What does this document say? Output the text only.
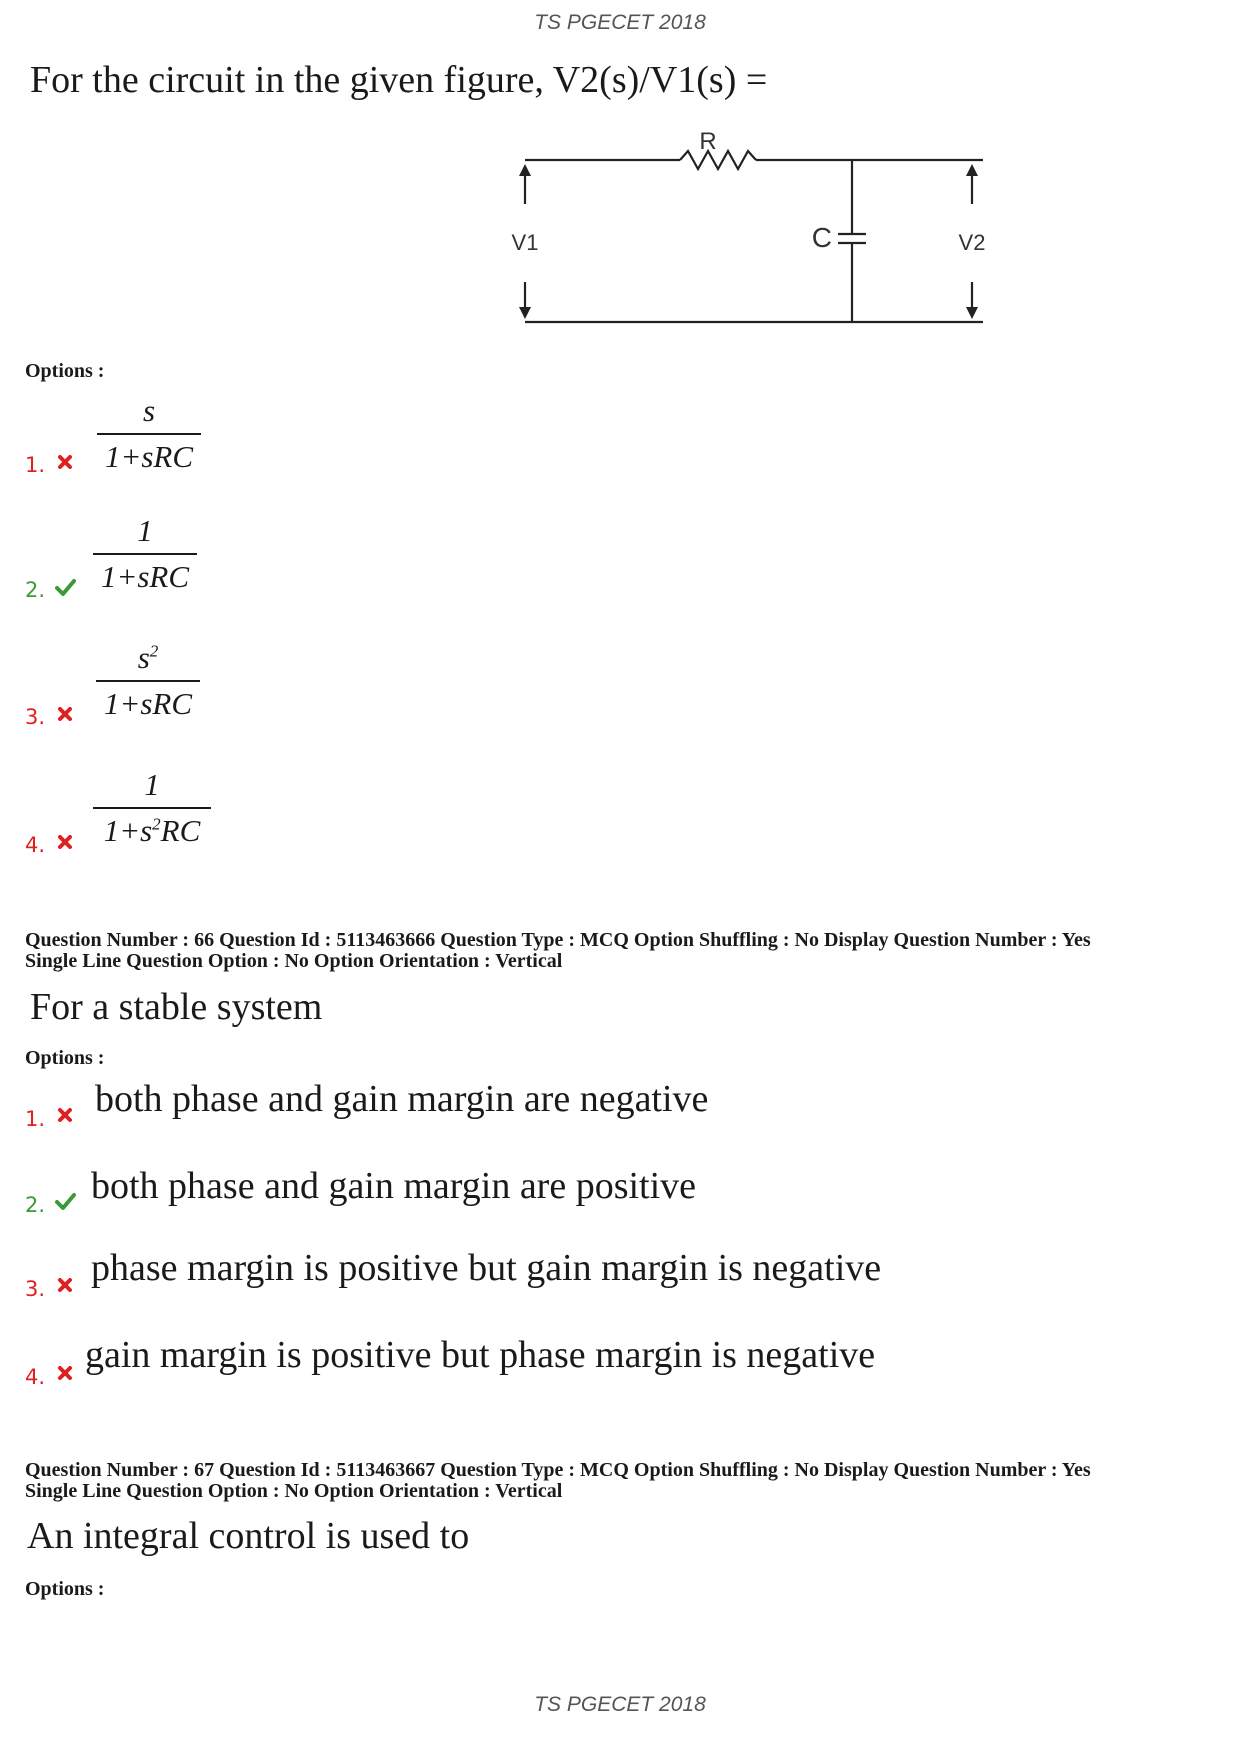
TS PGECET 2018
For the circuit in the given figure, V2(s)/V1(s) =
R
C
V1	V2
Options :
1.
s
1+sRC
2.
1
1+sRC
3.
$s^2$
1+sRC
4. $\frac{1}{1+s^2RC}$
Question Number : 66 Question Id : 5113463666 Question Type : MCQ Option Shuffling : No Display Question Number : Yes
Single Line Question Option : No Option Orientation : Vertical
For a stable system
Options :
1. both phase and gain margin are negative
2. both phase and gain margin are positive
3. phase margin is positive but gain margin is negative
4.
gain margin is positive but phase margin is negative
Question Number : 67 Question Id : 5113463667 Question Type : MCQ Option Shuffling : No Display Question Number : Yes
Single Line Question Option : No Option Orientation : Vertical
An integral control is used to
Options :
TS PGECET 2018
